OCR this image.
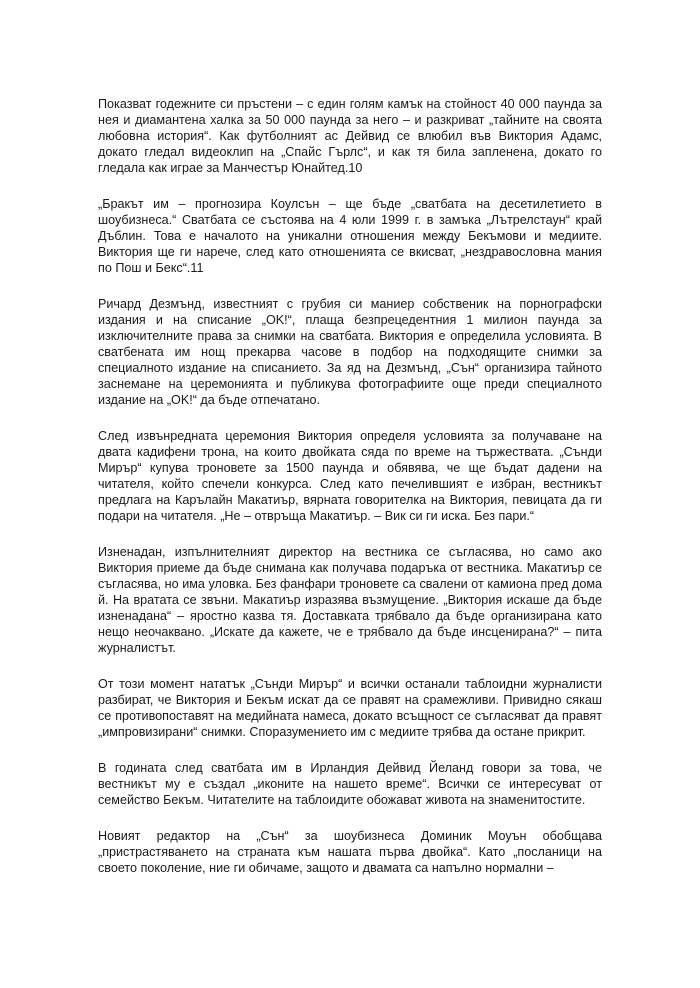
Показват годежните си пръстени – с един голям камък на стойност 40 000 паунда за нея и диамантена халка за 50 000 паунда за него – и разкриват „тайните на своята любовна история“. Как футболният ас Дейвид се влюбил във Виктория Адамс, докато гледал видеоклип на „Спайс Гърлс“, и как тя била запленена, докато го гледала как играе за Манчестър Юнайтед.10

„Бракът им – прогнозира Коулсън – ще бъде „сватбата на десетилетието в шоубизнеса.“ Сватбата се състоява на 4 юли 1999 г. в замъка „Лътрелстаун“ край Дъблин. Това е началото на уникални отношения между Бекъмови и медиите. Виктория ще ги нарече, след като отношенията се вкисват, „нездравословна мания по Пош и Бекс“.11

Ричард Дезмънд, известният с грубия си маниер собственик на порнографски издания и на списание „OK!“, плаща безпрецедентния 1 милион паунда за изключителните права за снимки на сватбата. Виктория е определила условията. В сватбената им нощ прекарва часове в подбор на подходящите снимки за специалното издание на списанието. За яд на Дезмънд, „Сън“ организира тайното заснемане на церемонията и публикува фотографиите още преди специалното издание на „OK!“ да бъде отпечатано.

След извънредната церемония Виктория определя условията за получаване на двата кадифени трона, на които двойката сяда по време на тържествата. „Сънди Мирър“ купува троновете за 1500 паунда и обявява, че ще бъдат дадени на читателя, който спечели конкурса. След като печелившият е избран, вестникът предлага на Карълайн Макатиър, вярната говорителка на Виктория, певицата да ги подари на читателя. „Не – отвръща Макатиър. – Вик си ги иска. Без пари.“

Изненадан, изпълнителният директор на вестника се съгласява, но само ако Виктория приеме да бъде снимана как получава подаръка от вестника. Макатиър се съгласява, но има уловка. Без фанфари троновете са свалени от камиона пред дома й. На вратата се звъни. Макатиър изразява възмущение. „Виктория искаше да бъде изненадана“ – яростно казва тя. Доставката трябвало да бъде организирана като нещо неочаквано. „Искате да кажете, че е трябвало да бъде инсценирана?“ – пита журналистът.

От този момент нататък „Сънди Мирър“ и всички останали таблоидни журналисти разбират, че Виктория и Бекъм искат да се правят на срамежливи. Привидно сякаш се противопоставят на медийната намеса, докато всъщност се съгласяват да правят „импровизирани“ снимки. Споразумението им с медиите трябва да остане прикрит.

В годината след сватбата им в Ирландия Дейвид Йеланд говори за това, че вестникът му е създал „иконите на нашето време“. Всички се интересуват от семейство Бекъм. Читателите на таблоидите обожават живота на знаменитостите.

Новият редактор на „Сън“ за шоубизнеса Доминик Моуън обобщава „пристрастяването на страната към нашата първа двойка“. Като „посланици на своето поколение, ние ги обичаме, защото и двамата са напълно нормални –
